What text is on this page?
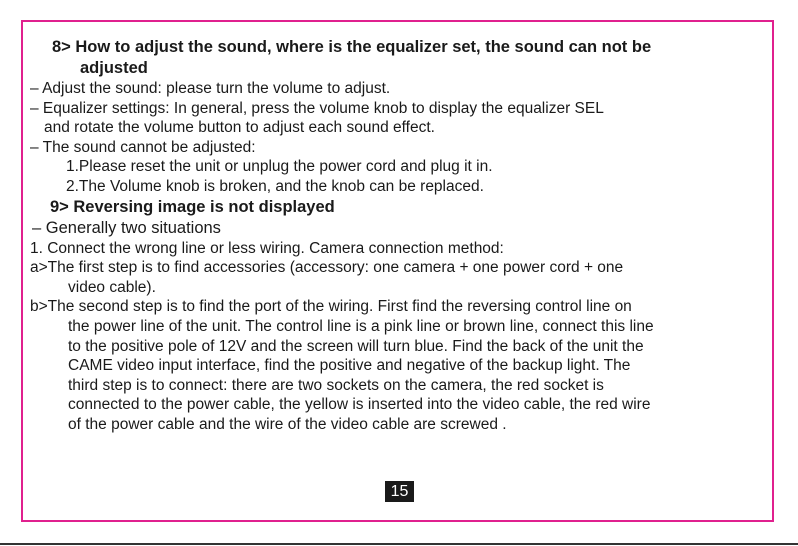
8> How to adjust the sound, where is the equalizer set, the sound can not be
adjusted
– Adjust the sound: please turn the volume to adjust.
– Equalizer settings: In general, press the volume knob to display the equalizer SEL
and rotate the volume button to adjust each sound effect.
– The sound cannot be adjusted:
1.Please reset the unit or unplug the power cord and plug it in.
2.The Volume knob is broken, and the knob can be replaced.
9> Reversing image is not displayed
– Generally two situations
1. Connect the wrong line or less wiring. Camera connection method:
a>The first step is to find accessories (accessory: one camera + one power cord + one
video cable).
b>The second step is to find the port of the wiring. First find the reversing control line on
the power line of the unit. The control line is a pink line or brown line, connect this line
to the positive pole of 12V and the screen will turn blue. Find the back of the unit the
CAME video input interface, find the positive and negative of the backup light. The
third step is to connect: there are two sockets on the camera, the red socket is
connected to the power cable, the yellow is inserted into the video cable, the red wire
of the power cable and the wire of the video cable are screwed .
15
